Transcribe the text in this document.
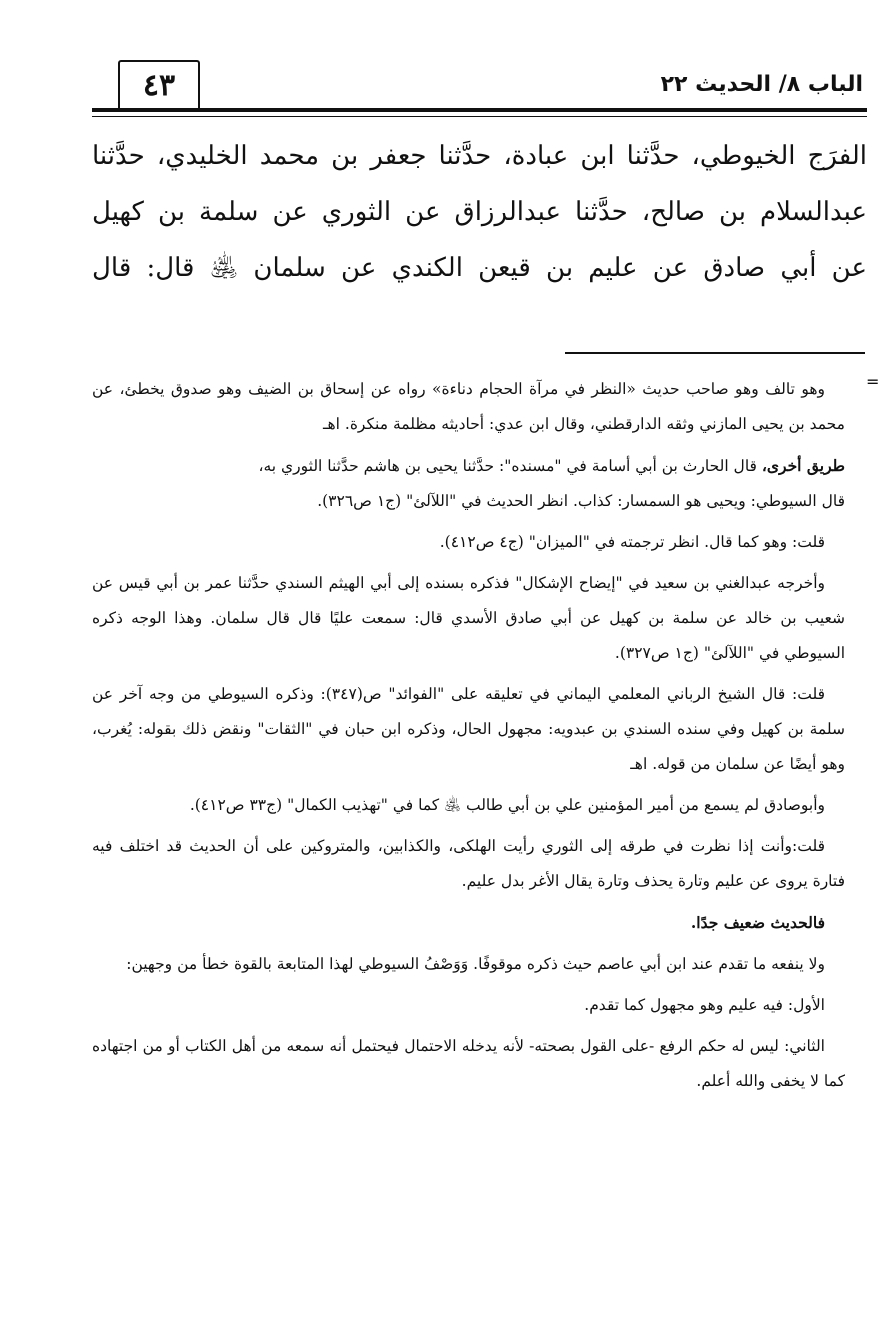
الباب ٨/ الحديث ٢٢
٤٣

الفرَج الخيوطي، حدَّثنا ابن عبادة، حدَّثنا جعفر بن محمد الخليدي، حدَّثنا

عبدالسلام بن صالح، حدَّثنا عبدالرزاق عن الثوري عن سلمة بن كهيل

عن أبي صادق عن عليم بن قيعن الكندي عن سلمان ﵁ قال: قال

=

وهو تالف وهو صاحب حديث «النظر في مرآة الحجام دناءة» رواه عن إسحاق بن الضيف وهو صدوق يخطئ، عن محمد بن يحيى المازني وثقه الدارقطني، وقال ابن عدي: أحاديثه مظلمة منكرة. اهـ

طريق أخرى، قال الحارث بن أبي أسامة في "مسنده": حدَّثنا يحيى بن هاشم حدَّثنا الثوري به،
قال السيوطي: ويحيى هو السمسار: كذاب. انظر الحديث في "اللآلئ" (ج١ ص٣٢٦).

قلت: وهو كما قال. انظر ترجمته في "الميزان" (ج٤ ص٤١٢).

وأخرجه عبدالغني بن سعيد في "إيضاح الإشكال" فذكره بسنده إلى أبي الهيثم السندي حدَّثنا عمر بن أبي قيس عن شعيب بن خالد عن سلمة بن كهيل عن أبي صادق الأسدي قال: سمعت عليًا قال قال سلمان. وهذا الوجه ذكره السيوطي في "اللآلئ" (ج١ ص٣٢٧).

قلت: قال الشيخ الرباني المعلمي اليماني في تعليقه على "الفوائد" ص(٣٤٧): وذكره السيوطي من وجه آخر عن سلمة بن كهيل وفي سنده السندي بن عبدويه: مجهول الحال، وذكره ابن حبان في "الثقات" ونقض ذلك بقوله: يُغرب، وهو أيضًا عن سلمان من قوله. اهـ

وأبوصادق لم يسمع من أمير المؤمنين علي بن أبي طالب ﵁ كما في "تهذيب الكمال" (ج٣٣ ص٤١٢).

قلت:وأنت إذا نظرت في طرقه إلى الثوري رأيت الهلكى، والكذابين، والمتروكين على أن الحديث قد اختلف فيه فتارة يروى عن عليم وتارة يحذف وتارة يقال الأغر بدل عليم.

فالحديث ضعيف جدًا.

ولا ينفعه ما تقدم عند ابن أبي عاصم حيث ذكره موقوفًا. وَوَصْفُ السيوطي لهذا المتابعة بالقوة خطأ من وجهين:

الأول: فيه عليم وهو مجهول كما تقدم.

الثاني: ليس له حكم الرفع -على القول بصحته- لأنه يدخله الاحتمال فيحتمل أنه سمعه من أهل الكتاب أو من اجتهاده كما لا يخفى والله أعلم.
